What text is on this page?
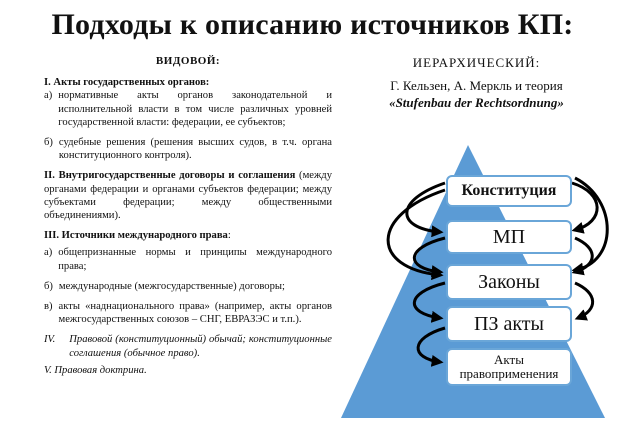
Подходы к описанию источников КП:
ВИДОВОЙ:
I. Акты государственных органов:
а) нормативные акты органов законодательной и исполнительной власти в том числе различных уровней государственной власти: федерации, ее субъектов;
б) судебные решения (решения высших судов, в т.ч. органа конституционного контроля).
II. Внутригосударственные договоры и соглашения (между органами федерации и органами субъектов федерации; между субъектами федерации; между общественными объединениями).
III. Источники международного права:
а) общепризнанные нормы и принципы международного права;
б) международные (межгосударственные) договоры;
в) акты «наднационального права» (например, акты органов межгосударственных союзов – СНГ, ЕВРАЗЭС и т.п.).
IV.	Правовой (конституционный) обычай; конституционные соглашения (обычное право).
V. Правовая доктрина.
ИЕРАРХИЧЕСКИЙ:
Г. Кельзен, А. Меркль и теория
«Stufenbau der Rechtsordnung»
Конституция
МП
Законы
ПЗ акты
Акты правоприменения
